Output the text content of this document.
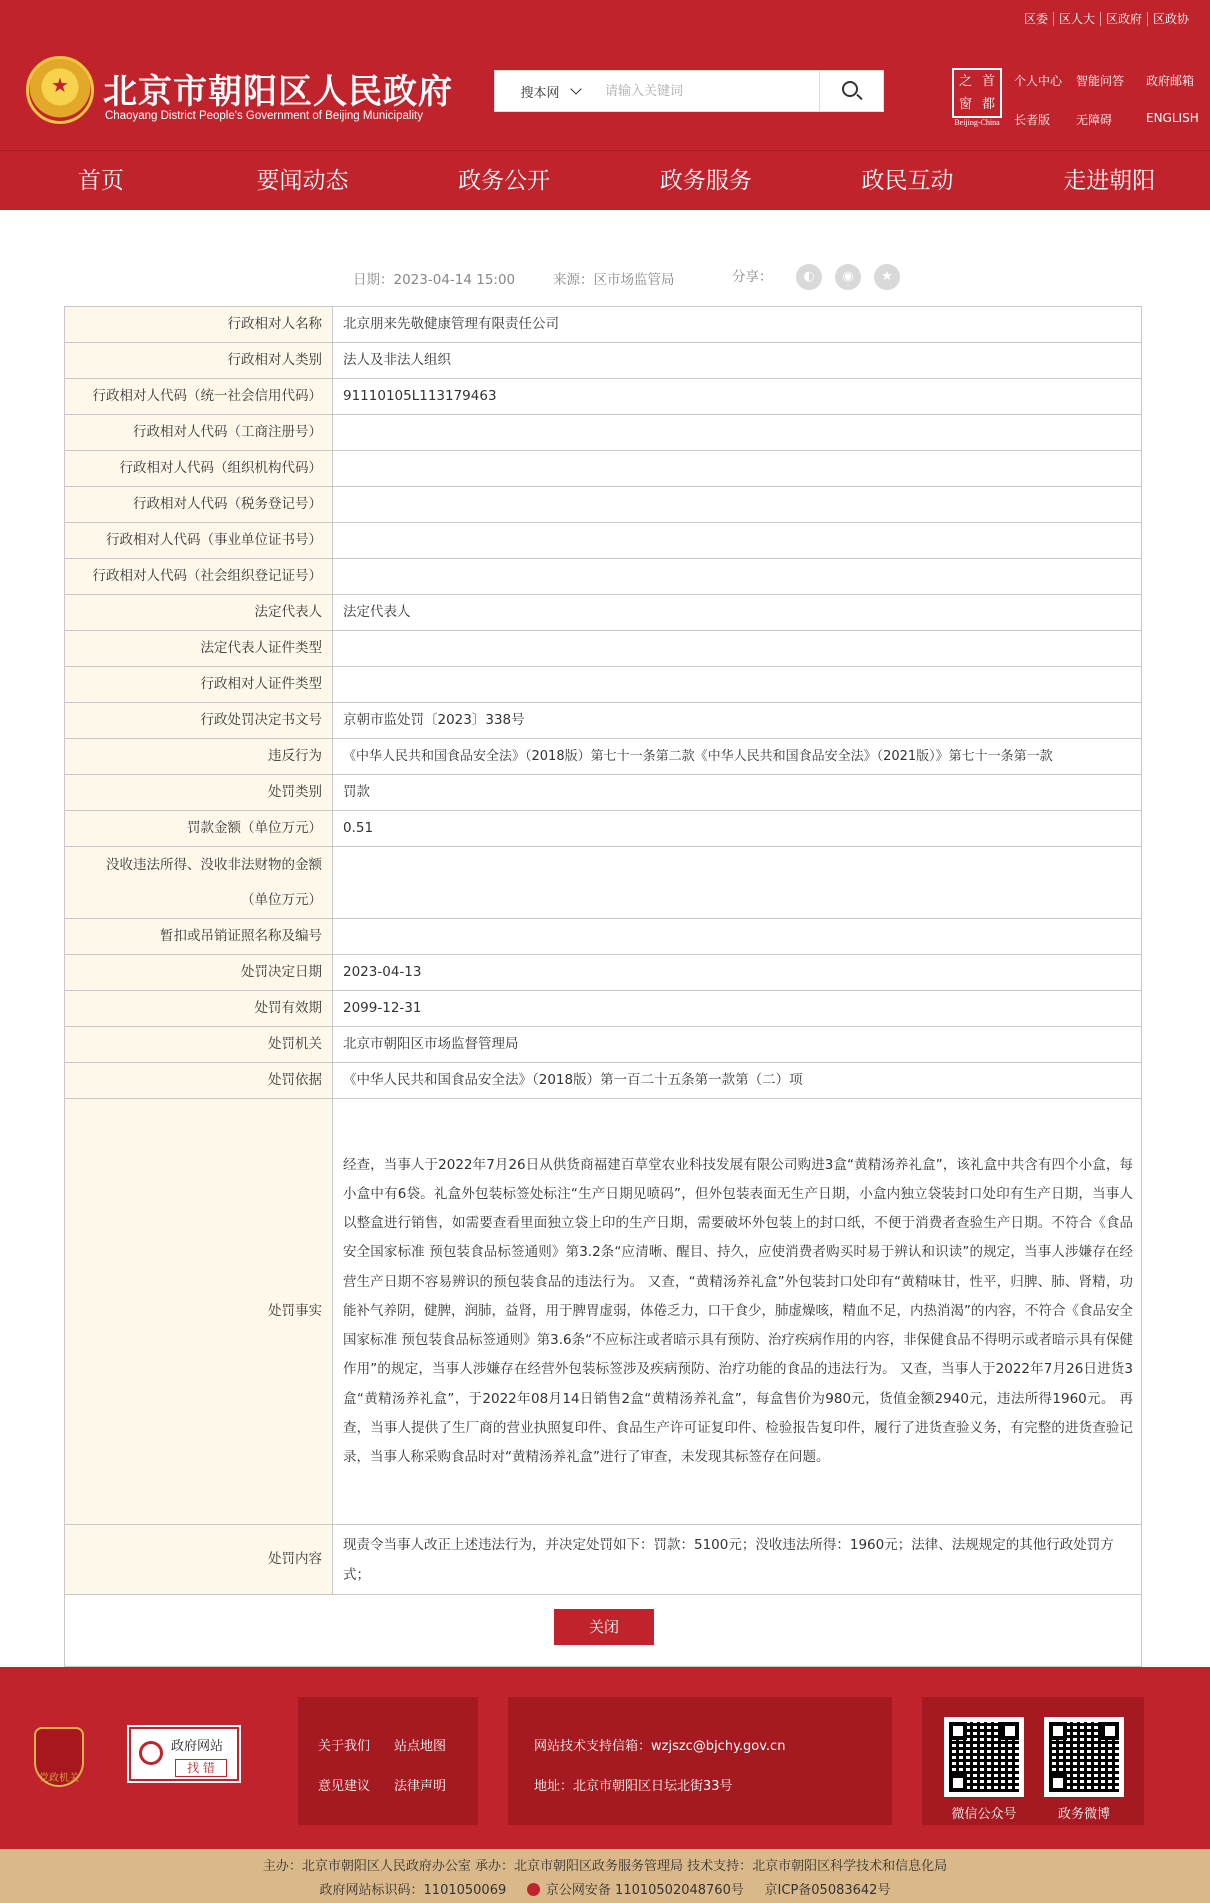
区委 区人大 区政府 区政协
★
北京市朝阳区人民政府
Chaoyang District People's Government of Beijing Municipality
搜本网
请输入关键词
之 首
窗 都
Beijing-China
个人中心	智能问答	政府邮箱
长者版	无障碍	ENGLISH
首页	要闻动态	政务公开	政务服务	政民互动	走进朝阳
日期：2023-04-14 15:00	来源：区市场监管局	分享：	◐	◉	★
行政相对人名称	北京朋来先敬健康管理有限责任公司
行政相对人类别	法人及非法人组织
行政相对人代码（统一社会信用代码）	91110105L113179463
行政相对人代码（工商注册号）	
行政相对人代码（组织机构代码）	
行政相对人代码（税务登记号）	
行政相对人代码（事业单位证书号）	
行政相对人代码（社会组织登记证号）	
法定代表人	法定代表人
法定代表人证件类型	
行政相对人证件类型	
行政处罚决定书文号	京朝市监处罚〔2023〕338号
违反行为	《中华人民共和国食品安全法》（2018版）第七十一条第二款《中华人民共和国食品安全法》（2021版）》第七十一条第一款
处罚类别	罚款
罚款金额（单位万元）	0.51
没收违法所得、没收非法财物的金额（单位万元）	
暂扣或吊销证照名称及编号	
处罚决定日期	2023-04-13
处罚有效期	2099-12-31
处罚机关	北京市朝阳区市场监督管理局
处罚依据	《中华人民共和国食品安全法》（2018版）第一百二十五条第一款第（二）项
处罚事实	经查，当事人于2022年7月26日从供货商福建百草堂农业科技发展有限公司购进3盒“黄精汤养礼盒”，该礼盒中共含有四个小盒，每小盒中有6袋。礼盒外包装标签处标注“生产日期见喷码”，但外包装表面无生产日期，小盒内独立袋装封口处印有生产日期，当事人以整盒进行销售，如需要查看里面独立袋上印的生产日期，需要破坏外包装上的封口纸，不便于消费者查验生产日期。不符合《食品安全国家标准 预包装食品标签通则》第3.2条“应清晰、醒目、持久，应使消费者购买时易于辨认和识读”的规定，当事人涉嫌存在经营生产日期不容易辨识的预包装食品的违法行为。 又查，“黄精汤养礼盒”外包装封口处印有“黄精味甘，性平，归脾、肺、肾精，功能补气养阴，健脾，润肺，益肾，用于脾胃虚弱，体倦乏力，口干食少，肺虚燥咳，精血不足，内热消渴”的内容，不符合《食品安全国家标准 预包装食品标签通则》第3.6条“不应标注或者暗示具有预防、治疗疾病作用的内容，非保健食品不得明示或者暗示具有保健作用”的规定，当事人涉嫌存在经营外包装标签涉及疾病预防、治疗功能的食品的违法行为。 又查，当事人于2022年7月26日进货3盒“黄精汤养礼盒”，于2022年08月14日销售2盒“黄精汤养礼盒”，每盒售价为980元，货值金额2940元，违法所得1960元。 再查，当事人提供了生厂商的营业执照复印件、食品生产许可证复印件、检验报告复印件，履行了进货查验义务，有完整的进货查验记录，当事人称采购食品时对“黄精汤养礼盒”进行了审查，未发现其标签存在问题。
处罚内容	现责令当事人改正上述违法行为，并决定处罚如下：罚款：5100元；没收违法所得：1960元；法律、法规规定的其他行政处罚方式；
关闭
党政机关
政府网站
找 错
关于我们 站点地图
意见建议 法律声明
网站技术支持信箱：wzjszc@bjchy.gov.cn
地址：北京市朝阳区日坛北街33号
微信公众号	政务微博
主办：北京市朝阳区人民政府办公室 承办：北京市朝阳区政务服务管理局 技术支持：北京市朝阳区科学技术和信息化局
政府网站标识码：1101050069	京公网安备 11010502048760号 京ICP备05083642号
